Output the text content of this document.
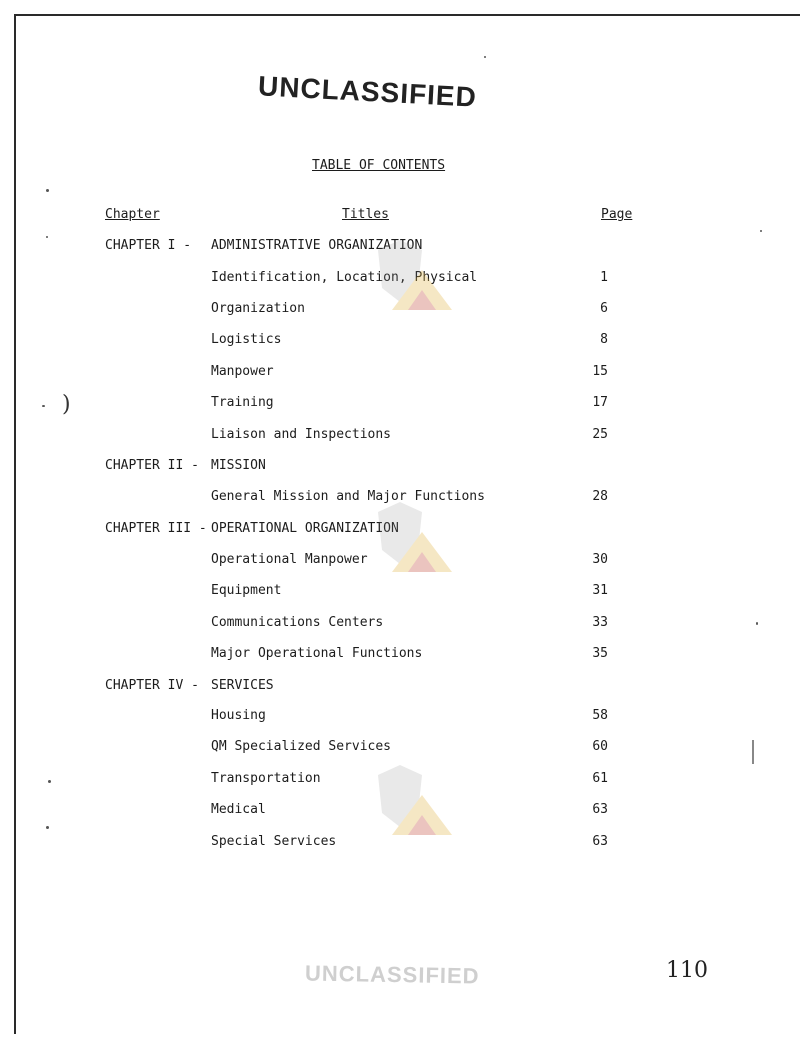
UNCLASSIFIED
TABLE OF CONTENTS
Chapter	Titles	Page
CHAPTER I - ADMINISTRATIVE ORGANIZATION
Identification, Location, Physical	1
Organization	6
Logistics	8
Manpower	15
Training	17
Liaison and Inspections	25
CHAPTER II - MISSION
General Mission and Major Functions	28
CHAPTER III - OPERATIONAL ORGANIZATION
Operational Manpower	30
Equipment	31
Communications Centers	33
Major Operational Functions	35
CHAPTER IV - SERVICES
Housing	58
QM Specialized Services	60
Transportation	61
Medical	63
Special Services	63
UNCLASSIFIED	110
)
